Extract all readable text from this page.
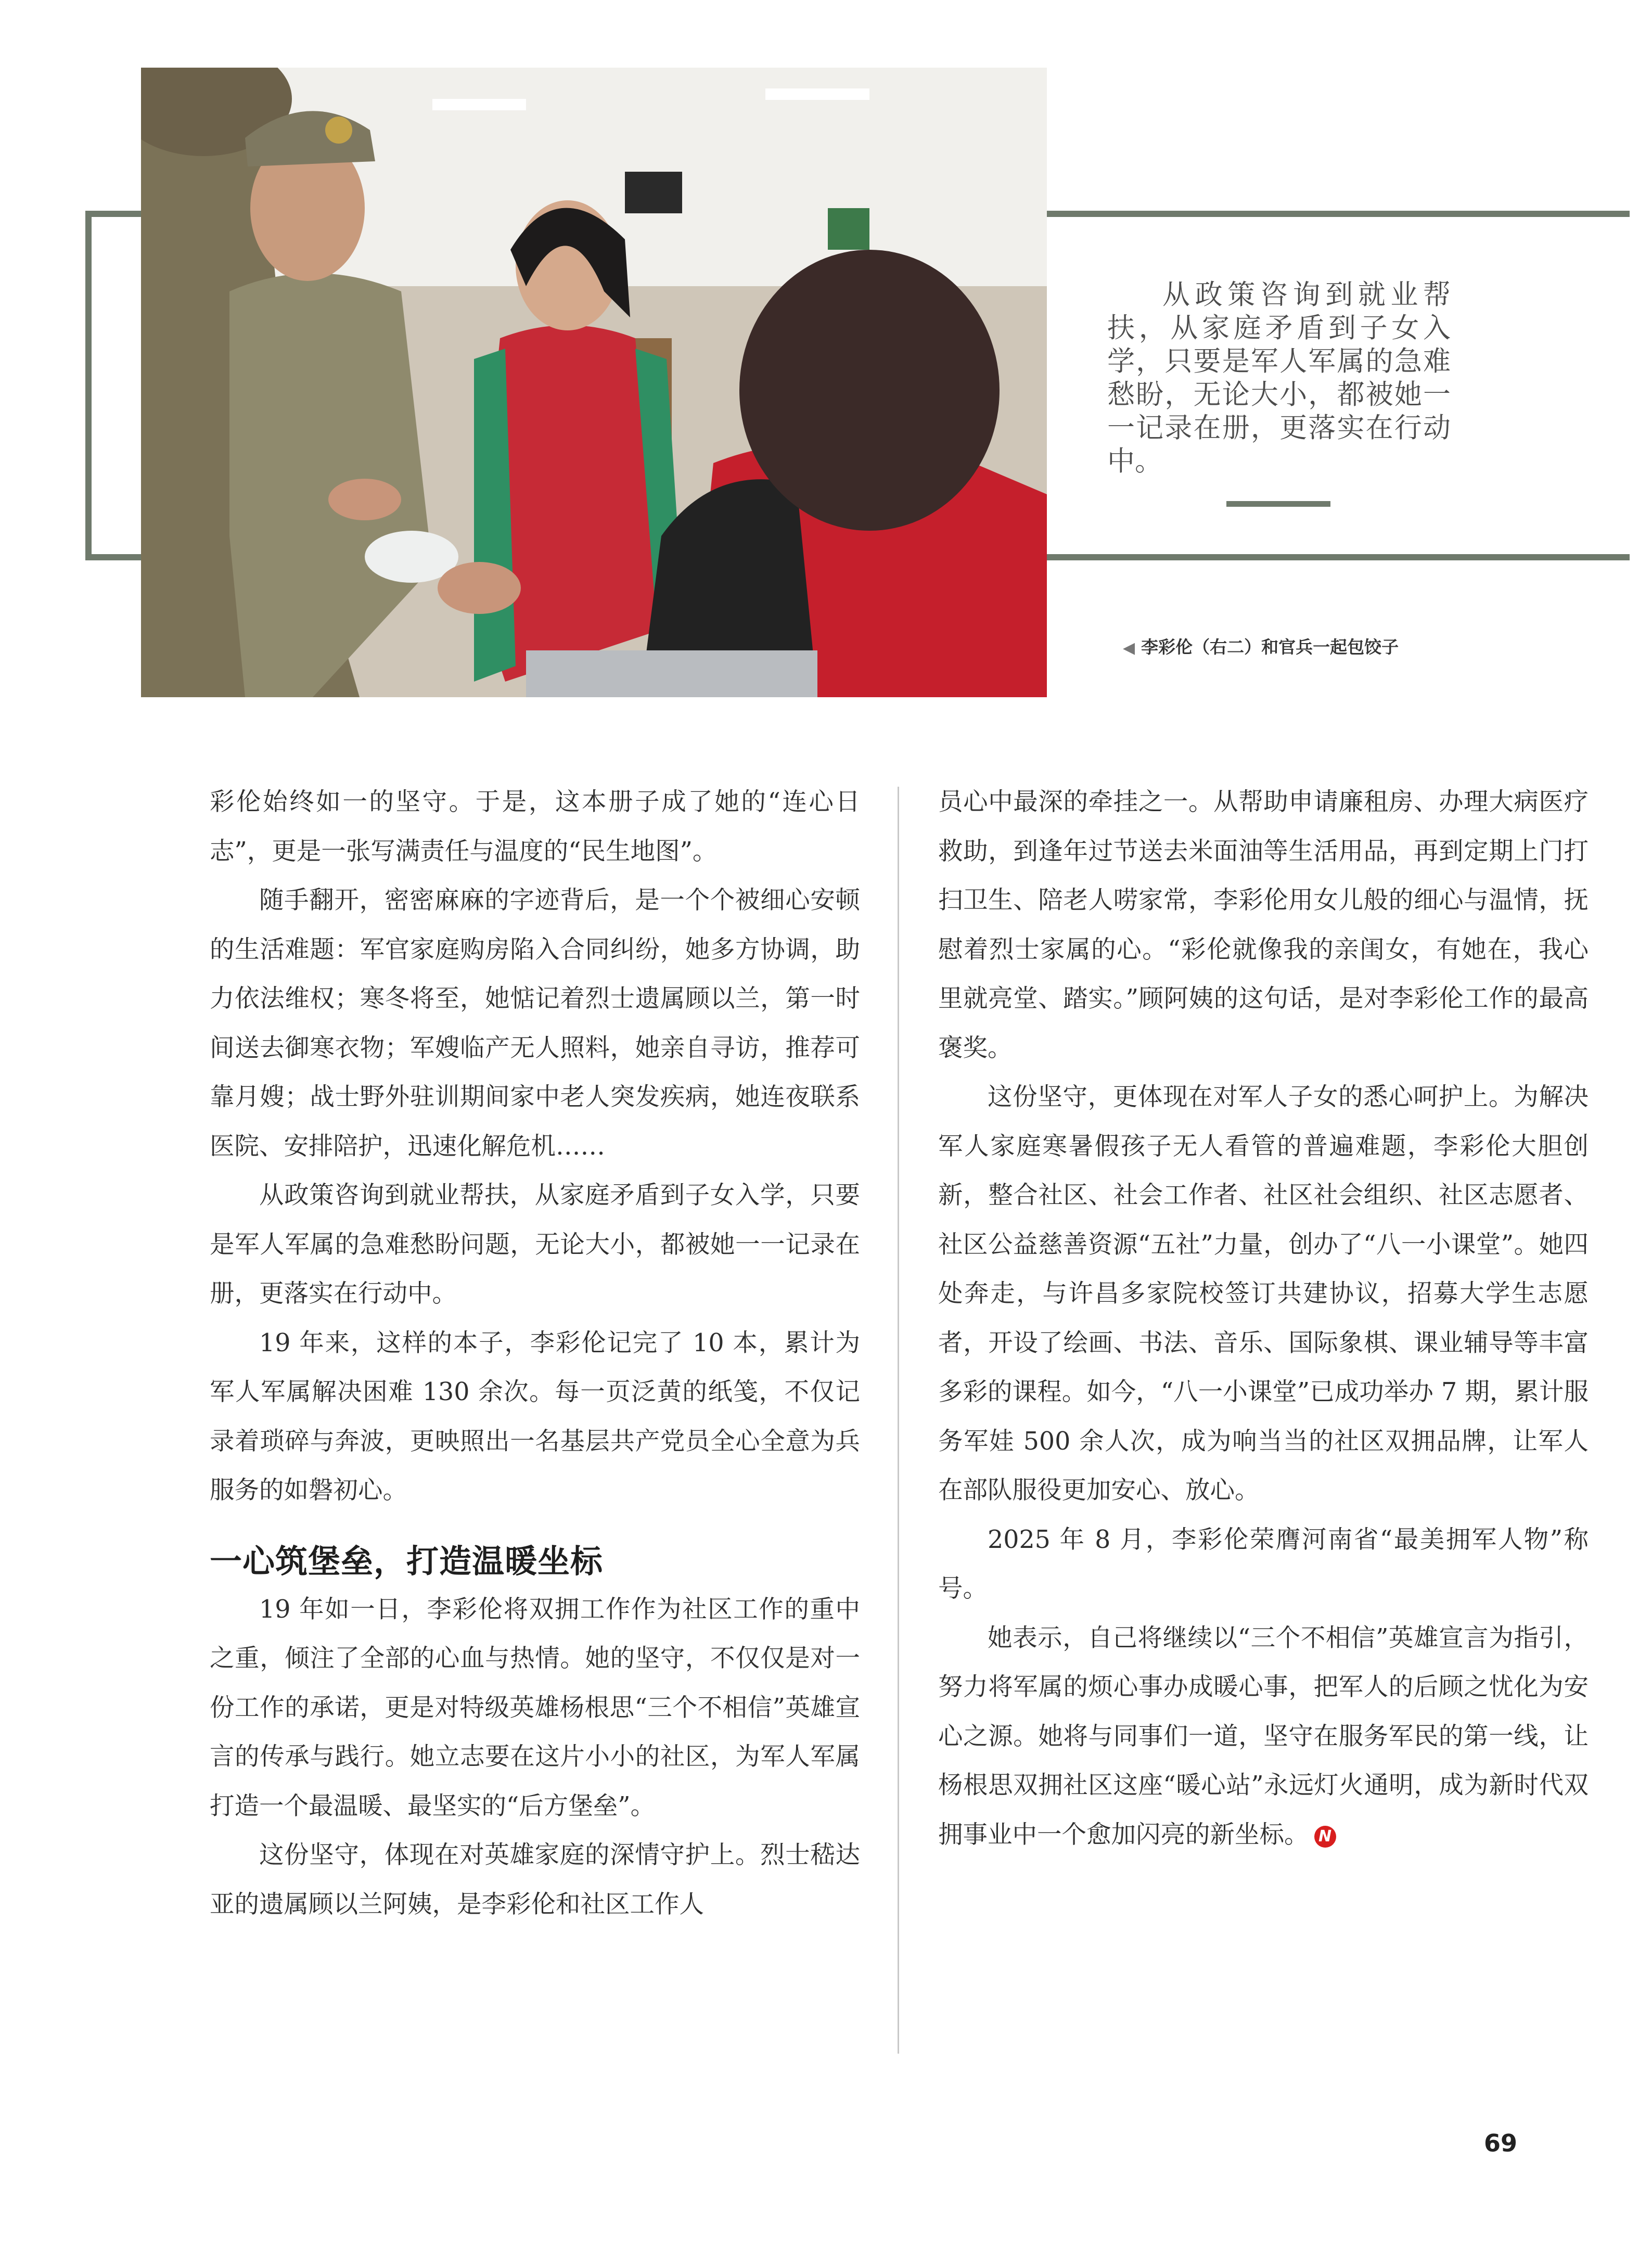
从政策咨询到就业帮扶，从家庭矛盾到子女入学，只要是军人军属的急难愁盼，无论大小，都被她一一记录在册，更落实在行动中。

◀ 李彩伦（右二）和官兵一起包饺子

彩伦始终如一的坚守。于是，这本册子成了她的“连心日志”，更是一张写满责任与温度的“民生地图”。

随手翻开，密密麻麻的字迹背后，是一个个被细心安顿的生活难题：军官家庭购房陷入合同纠纷，她多方协调，助力依法维权；寒冬将至，她惦记着烈士遗属顾以兰，第一时间送去御寒衣物；军嫂临产无人照料，她亲自寻访，推荐可靠月嫂；战士野外驻训期间家中老人突发疾病，她连夜联系医院、安排陪护，迅速化解危机……

从政策咨询到就业帮扶，从家庭矛盾到子女入学，只要是军人军属的急难愁盼问题，无论大小，都被她一一记录在册，更落实在行动中。

19 年来，这样的本子，李彩伦记完了 10 本，累计为军人军属解决困难 130 余次。每一页泛黄的纸笺，不仅记录着琐碎与奔波，更映照出一名基层共产党员全心全意为兵服务的如磐初心。

一心筑堡垒，打造温暖坐标

19 年如一日，李彩伦将双拥工作作为社区工作的重中之重，倾注了全部的心血与热情。她的坚守，不仅仅是对一份工作的承诺，更是对特级英雄杨根思“三个不相信”英雄宣言的传承与践行。她立志要在这片小小的社区，为军人军属打造一个最温暖、最坚实的“后方堡垒”。

这份坚守，体现在对英雄家庭的深情守护上。烈士嵇达亚的遗属顾以兰阿姨，是李彩伦和社区工作人

员心中最深的牵挂之一。从帮助申请廉租房、办理大病医疗救助，到逢年过节送去米面油等生活用品，再到定期上门打扫卫生、陪老人唠家常，李彩伦用女儿般的细心与温情，抚慰着烈士家属的心。“彩伦就像我的亲闺女，有她在，我心里就亮堂、踏实。”顾阿姨的这句话，是对李彩伦工作的最高褒奖。

这份坚守，更体现在对军人子女的悉心呵护上。为解决军人家庭寒暑假孩子无人看管的普遍难题，李彩伦大胆创新，整合社区、社会工作者、社区社会组织、社区志愿者、社区公益慈善资源“五社”力量，创办了“八一小课堂”。她四处奔走，与许昌多家院校签订共建协议，招募大学生志愿者，开设了绘画、书法、音乐、国际象棋、课业辅导等丰富多彩的课程。如今，“八一小课堂”已成功举办 7 期，累计服务军娃 500 余人次，成为响当当的社区双拥品牌，让军人在部队服役更加安心、放心。

2025 年 8 月，李彩伦荣膺河南省“最美拥军人物”称号。

她表示，自己将继续以“三个不相信”英雄宣言为指引，努力将军属的烦心事办成暖心事，把军人的后顾之忧化为安心之源。她将与同事们一道，坚守在服务军民的第一线，让杨根思双拥社区这座“暖心站”永远灯火通明，成为新时代双拥事业中一个愈加闪亮的新坐标。 N

69
